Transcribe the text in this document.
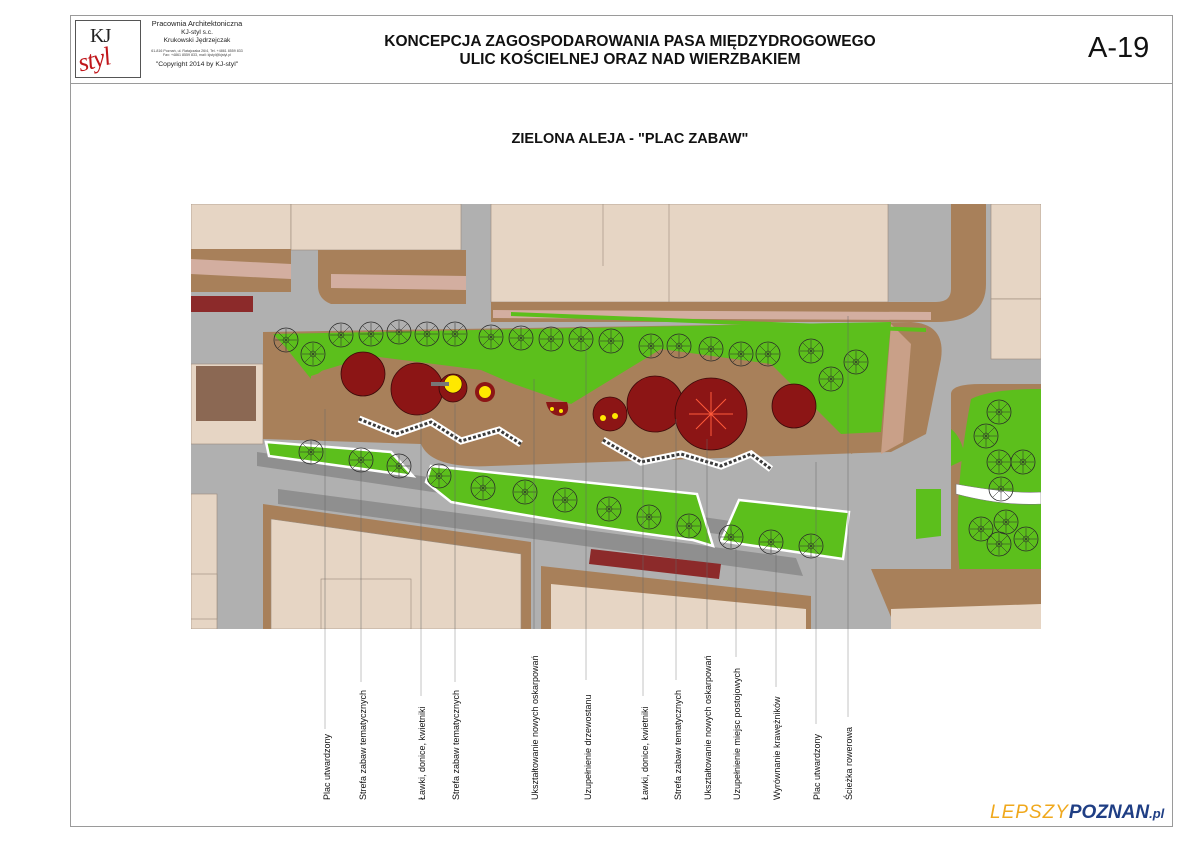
KJ
styl
Pracownia Architektoniczna
KJ-styl s.c.
Krukowski Jędrzejczak
61-816 Poznań, ul. Ratajczaka 26/4, Tel. +4861 8559 833
Fax: +4861 8559 833, mail: kjstyl@kjstyl.pl
"Copyright 2014 by KJ-styl"
KONCEPCJA ZAGOSPODAROWANIA PASA MIĘDZYDROGOWEGO
ULIC KOŚCIELNEJ ORAZ NAD WIERZBAKIEM	A-19
ZIELONA ALEJA - "PLAC ZABAW"
Plac utwardzony	Strefa zabaw tematycznych	Ławki, donice, kwietniki	Strefa zabaw tematycznych	Ukształtowanie nowych oskarpowań	Uzupełnienie drzewostanu	Ławki, donice, kwietniki	Strefa zabaw tematycznych Ukształtowanie nowych oskarpowań Uzupełnienie miejsc postojowych	Wyrównanie krawężników	Plac utwardzony Ścieżka rowerowa
LEPSZYPOZNAN.pl
